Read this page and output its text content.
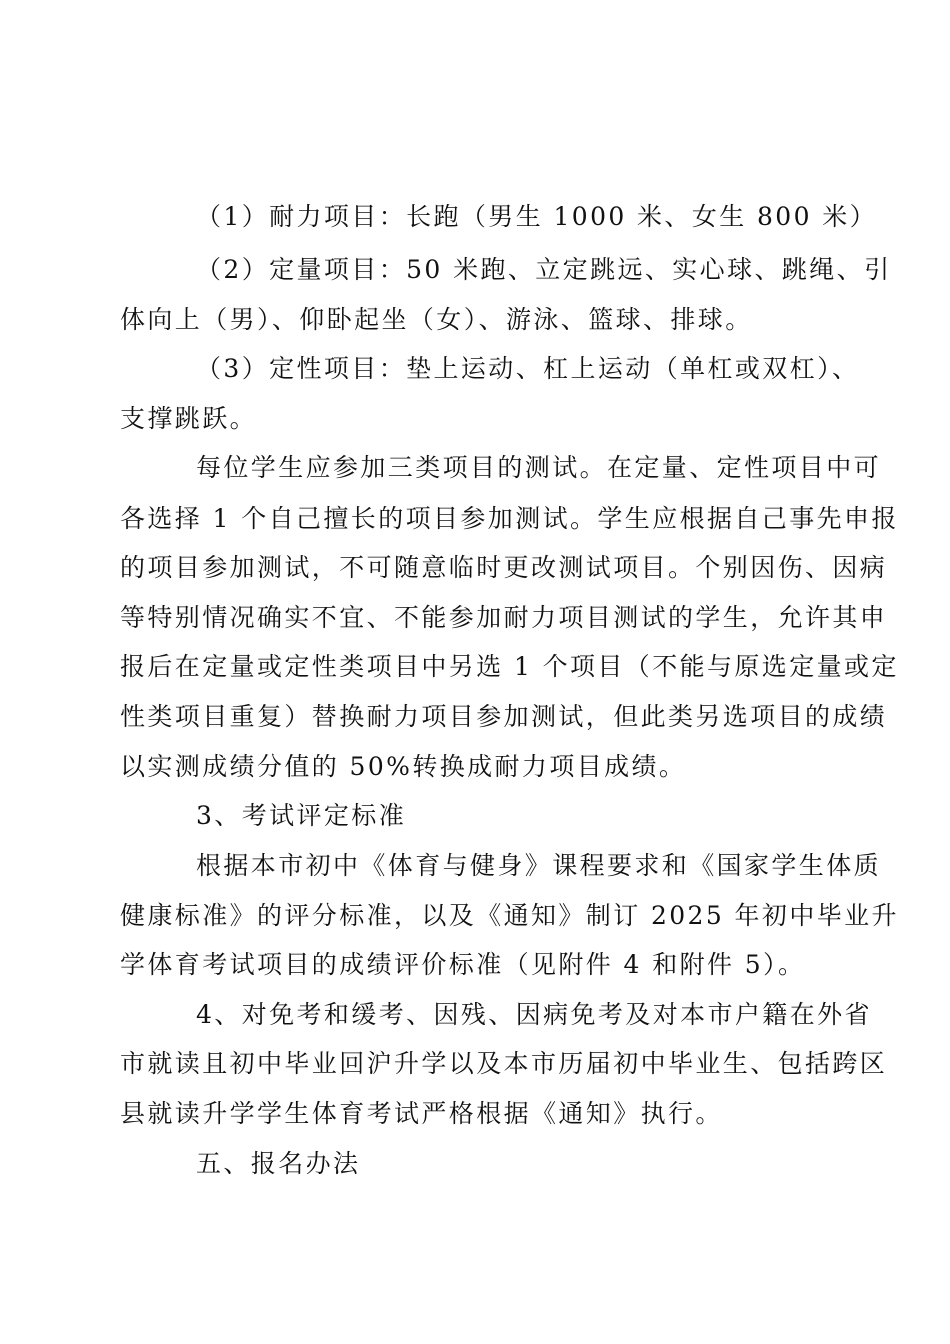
（1）耐力项目：长跑（男生 1000 米、女生 800 米）
（2）定量项目：50 米跑、立定跳远、实心球、跳绳、引
体向上（男）、仰卧起坐（女）、游泳、篮球、排球。
（3）定性项目：垫上运动、杠上运动（单杠或双杠）、
支撑跳跃。
每位学生应参加三类项目的测试。在定量、定性项目中可
各选择 1 个自己擅长的项目参加测试。学生应根据自己事先申报
的项目参加测试，不可随意临时更改测试项目。个别因伤、因病
等特别情况确实不宜、不能参加耐力项目测试的学生，允许其申
报后在定量或定性类项目中另选 1 个项目（不能与原选定量或定
性类项目重复）替换耐力项目参加测试，但此类另选项目的成绩
以实测成绩分值的 50%转换成耐力项目成绩。
3、考试评定标准
根据本市初中《体育与健身》课程要求和《国家学生体质
健康标准》的评分标准，以及《通知》制订 2025 年初中毕业升
学体育考试项目的成绩评价标准（见附件 4 和附件 5）。
4、对免考和缓考、因残、因病免考及对本市户籍在外省
市就读且初中毕业回沪升学以及本市历届初中毕业生、包括跨区
县就读升学学生体育考试严格根据《通知》执行。
五、报名办法
